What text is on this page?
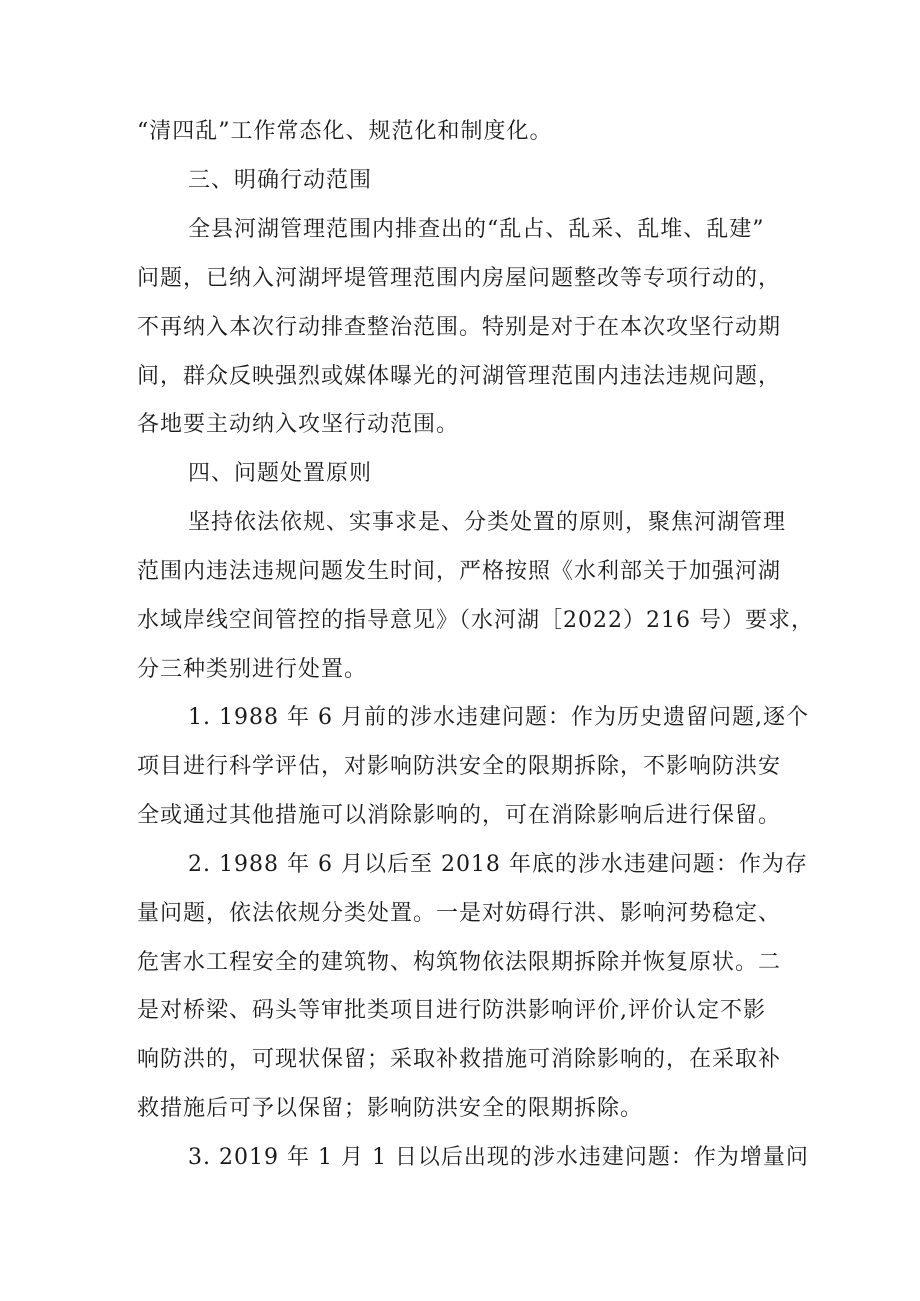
“清四乱”工作常态化、规范化和制度化。
三、明确行动范围
全县河湖管理范围内排查出的“乱占、乱采、乱堆、乱建”
问题，已纳入河湖坪堤管理范围内房屋问题整改等专项行动的，
不再纳入本次行动排查整治范围。特别是对于在本次攻坚行动期
间，群众反映强烈或媒体曝光的河湖管理范围内违法违规问题，
各地要主动纳入攻坚行动范围。
四、问题处置原则
坚持依法依规、实事求是、分类处置的原则，聚焦河湖管理
范围内违法违规问题发生时间，严格按照《水利部关于加强河湖
水域岸线空间管控的指导意见》（水河湖［2022）216 号）要求，
分三种类别进行处置。
1. 1988 年 6 月前的涉水违建问题：作为历史遗留问题,逐个
项目进行科学评估，对影响防洪安全的限期拆除，不影响防洪安
全或通过其他措施可以消除影响的，可在消除影响后进行保留。
2. 1988 年 6 月以后至 2018 年底的涉水违建问题：作为存
量问题，依法依规分类处置。一是对妨碍行洪、影响河势稳定、
危害水工程安全的建筑物、构筑物依法限期拆除并恢复原状。二
是对桥梁、码头等审批类项目进行防洪影响评价,评价认定不影
响防洪的，可现状保留；采取补救措施可消除影响的，在采取补
救措施后可予以保留；影响防洪安全的限期拆除。
3. 2019 年 1 月 1 日以后出现的涉水违建问题：作为增量问
